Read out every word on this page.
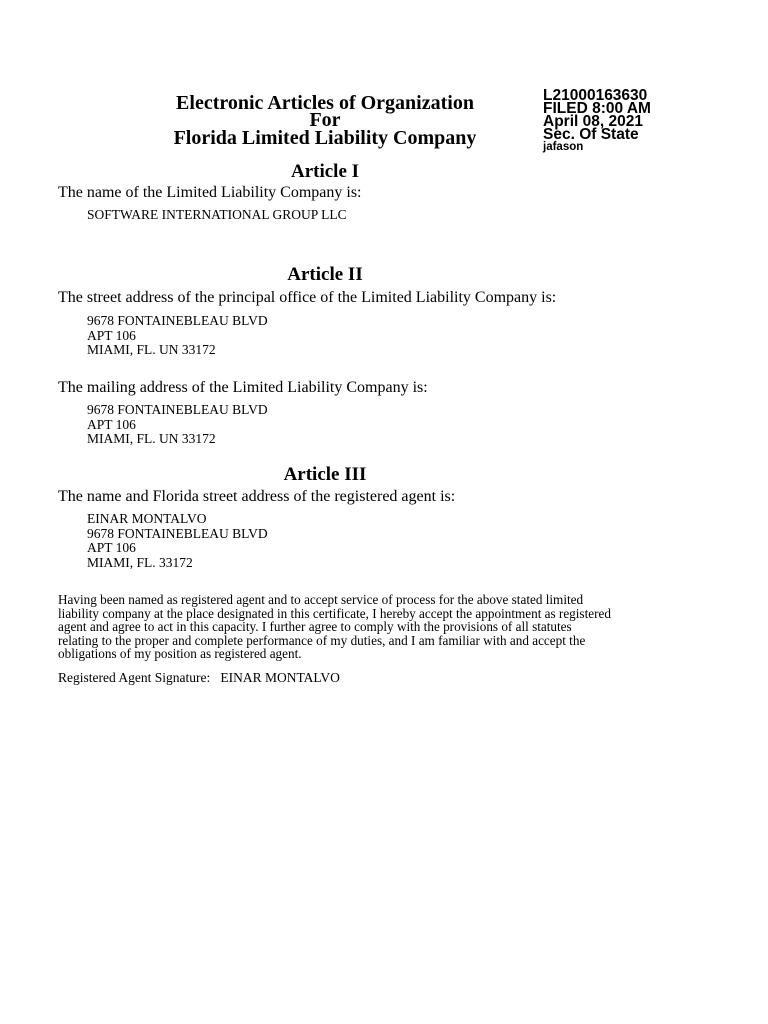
Electronic Articles of Organization
For
Florida Limited Liability Company
L21000163630
FILED 8:00 AM
April 08, 2021
Sec. Of State
jafason
Article I
The name of the Limited Liability Company is:
SOFTWARE INTERNATIONAL GROUP LLC
Article II
The street address of the principal office of the Limited Liability Company is:
9678 FONTAINEBLEAU BLVD
APT 106
MIAMI, FL. UN 33172
The mailing address of the Limited Liability Company is:
9678 FONTAINEBLEAU BLVD
APT 106
MIAMI, FL. UN 33172
Article III
The name and Florida street address of the registered agent is:
EINAR MONTALVO
9678 FONTAINEBLEAU BLVD
APT 106
MIAMI, FL. 33172
Having been named as registered agent and to accept service of process for the above stated limited
liability company at the place designated in this certificate, I hereby accept the appointment as registered
agent and agree to act in this capacity. I further agree to comply with the provisions of all statutes
relating to the proper and complete performance of my duties, and I am familiar with and accept the
obligations of my position as registered agent.
Registered Agent Signature: EINAR MONTALVO
